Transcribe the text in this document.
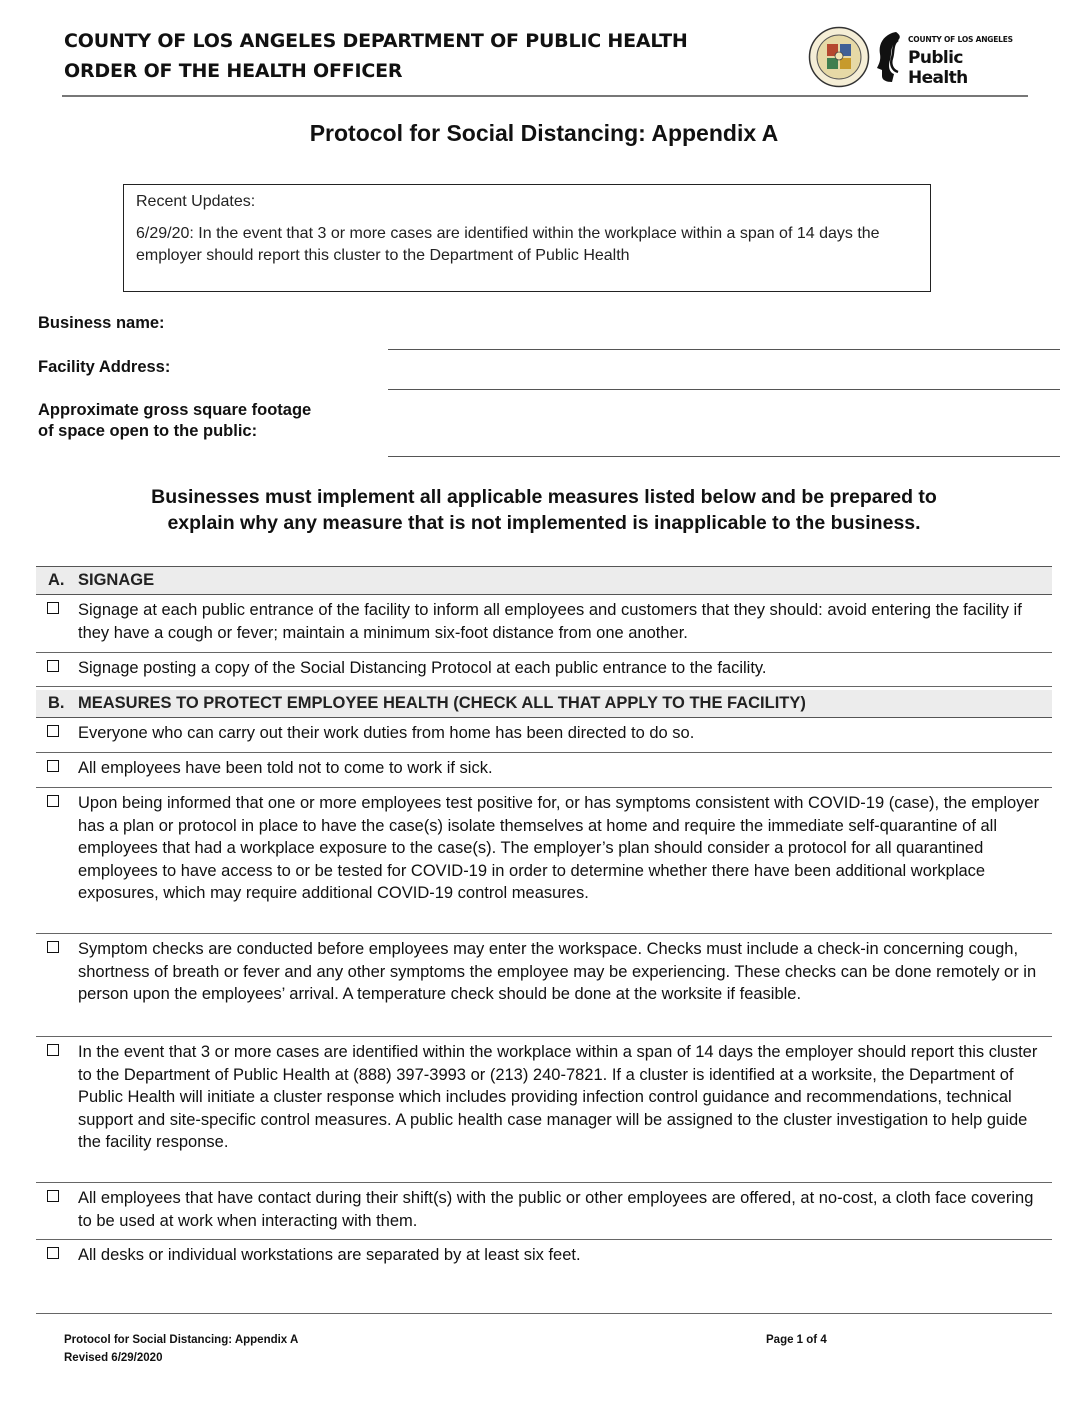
COUNTY OF LOS ANGELES DEPARTMENT OF PUBLIC HEALTH
ORDER OF THE HEALTH OFFICER
COUNTY OF LOS ANGELES
Public Health
Protocol for Social Distancing: Appendix A
Recent Updates:
6/29/20: In the event that 3 or more cases are identified within the workplace within a span of 14 days the employer should report this cluster to the Department of Public Health
Business name:
Facility Address:
Approximate gross square footage
of space open to the public:
Businesses must implement all applicable measures listed below and be prepared to
explain why any measure that is not implemented is inapplicable to the business.
A. SIGNAGE
Signage at each public entrance of the facility to inform all employees and customers that they should: avoid entering the facility if they have a cough or fever; maintain a minimum six-foot distance from one another.
Signage posting a copy of the Social Distancing Protocol at each public entrance to the facility.
B. MEASURES TO PROTECT EMPLOYEE HEALTH (CHECK ALL THAT APPLY TO THE FACILITY)
Everyone who can carry out their work duties from home has been directed to do so.
All employees have been told not to come to work if sick.
Upon being informed that one or more employees test positive for, or has symptoms consistent with COVID-19 (case), the employer has a plan or protocol in place to have the case(s) isolate themselves at home and require the immediate self-quarantine of all employees that had a workplace exposure to the case(s). The employer’s plan should consider a protocol for all quarantined employees to have access to or be tested for COVID-19 in order to determine whether there have been additional workplace exposures, which may require additional COVID-19 control measures.
Symptom checks are conducted before employees may enter the workspace. Checks must include a check-in concerning cough, shortness of breath or fever and any other symptoms the employee may be experiencing. These checks can be done remotely or in person upon the employees’ arrival. A temperature check should be done at the worksite if feasible.
In the event that 3 or more cases are identified within the workplace within a span of 14 days the employer should report this cluster to the Department of Public Health at (888) 397-3993 or (213) 240-7821. If a cluster is identified at a worksite, the Department of Public Health will initiate a cluster response which includes providing infection control guidance and recommendations, technical support and site-specific control measures. A public health case manager will be assigned to the cluster investigation to help guide the facility response.
All employees that have contact during their shift(s) with the public or other employees are offered, at no-cost, a cloth face covering to be used at work when interacting with them.
All desks or individual workstations are separated by at least six feet.
Protocol for Social Distancing: Appendix A
Revised 6/29/2020
Page 1 of 4
